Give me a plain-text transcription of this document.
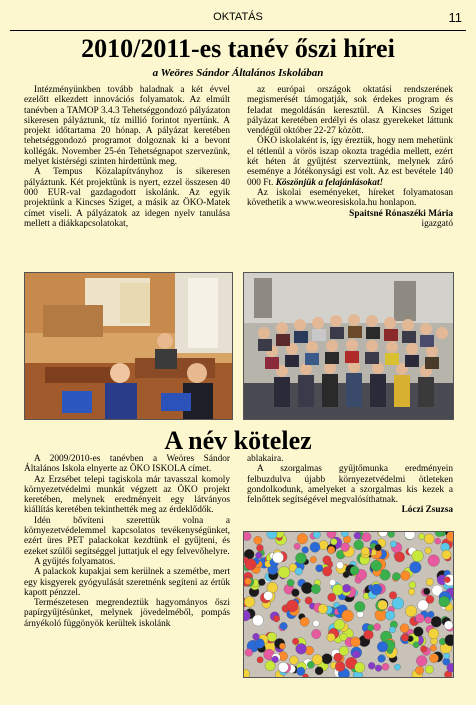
OKTATÁS	11
2010/2011-es tanév őszi hírei
a Weöres Sándor Általános Iskolában

Intézményünkben tovább haladnak a két évvel ezelőtt elkezdett innovációs folyamatok. Az elmúlt tanévben a TAMOP 3.4.3 Tehetséggondozó pályázaton sikeresen pályáztunk, tíz millió forintot nyertünk. A projekt időtartama 20 hónap. A pályázat keretében tehetséggondozó programot dolgoznak ki a bevont kollégák. November 25-én Tehetségnapot szervezünk, melyet kistérségi szinten hirdettünk meg.

A Tempus Közalapítványhoz is sikeresen pályáztunk. Két projektünk is nyert, ezzel összesen 40 000 EUR-val gazdagodott iskolánk. Az egyik projektünk a Kincses Sziget, a másik az ÖKO-Matek címet viseli. A pályázatok az idegen nyelv tanulása mellett a diákkapcsolatokat,

az európai országok oktatási rendszerének megismerését támogatják, sok érdekes program és feladat megoldásán keresztül. A Kincses Sziget pályázat keretében erdélyi és olasz gyerekeket láttunk vendégül október 22-27 között.

ÖKO iskolaként is, így éreztük, hogy nem mehetünk el tétlenül a vörös iszap okozta tragédia mellett, ezért két héten át gyűjtést szerveztünk, melynek záró eseménye a Jótékonysági est volt. Az est bevétele 140 000 Ft. Köszönjük a felajánlásokat!

Az iskolai eseményeket, híreket folyamatosan követhetik a www.weoresiskola.hu honlapon.

Spaitsné Rónaszéki Mária
igazgató
A név kötelez

A 2009/2010-es tanévben a Weöres Sándor Általános Iskola elnyerte az ÖKO ISKOLA címet.

Az Erzsébet telepi tagiskola már tavasszal komoly környezetvédelmi munkát végzett az ÖKO projekt keretében, melynek eredményeit egy látványos kiállítás keretében tekinthették meg az érdeklődők.

Idén bővíteni szerettük volna a környezetvédelemmel kapcsolatos tevékenységünket, ezért üres PET palackokat kezdtünk el gyűjteni, és ezeket szülői segítséggel juttatjuk el egy felvevőhelyre.

A gyűjtés folyamatos.

A palackok kupakjai sem kerülnek a szemétbe, mert egy kisgyerek gyógyulását szeretnénk segíteni az értük kapott pénzzel.

Természetesen megrendeztük hagyományos őszi papírgyűjtésünket, melynek jövedelméből, pompás árnyékoló függönyök kerültek iskolánk

ablakaira.

A szorgalmas gyűjtőmunka eredményein felbuzdulva újabb környezetvédelmi ötleteken gondolkodunk, amelyeket a szorgalmas kis kezek a felnőttek segítségével megvalósíthatnak.

Lóczi Zsuzsa
